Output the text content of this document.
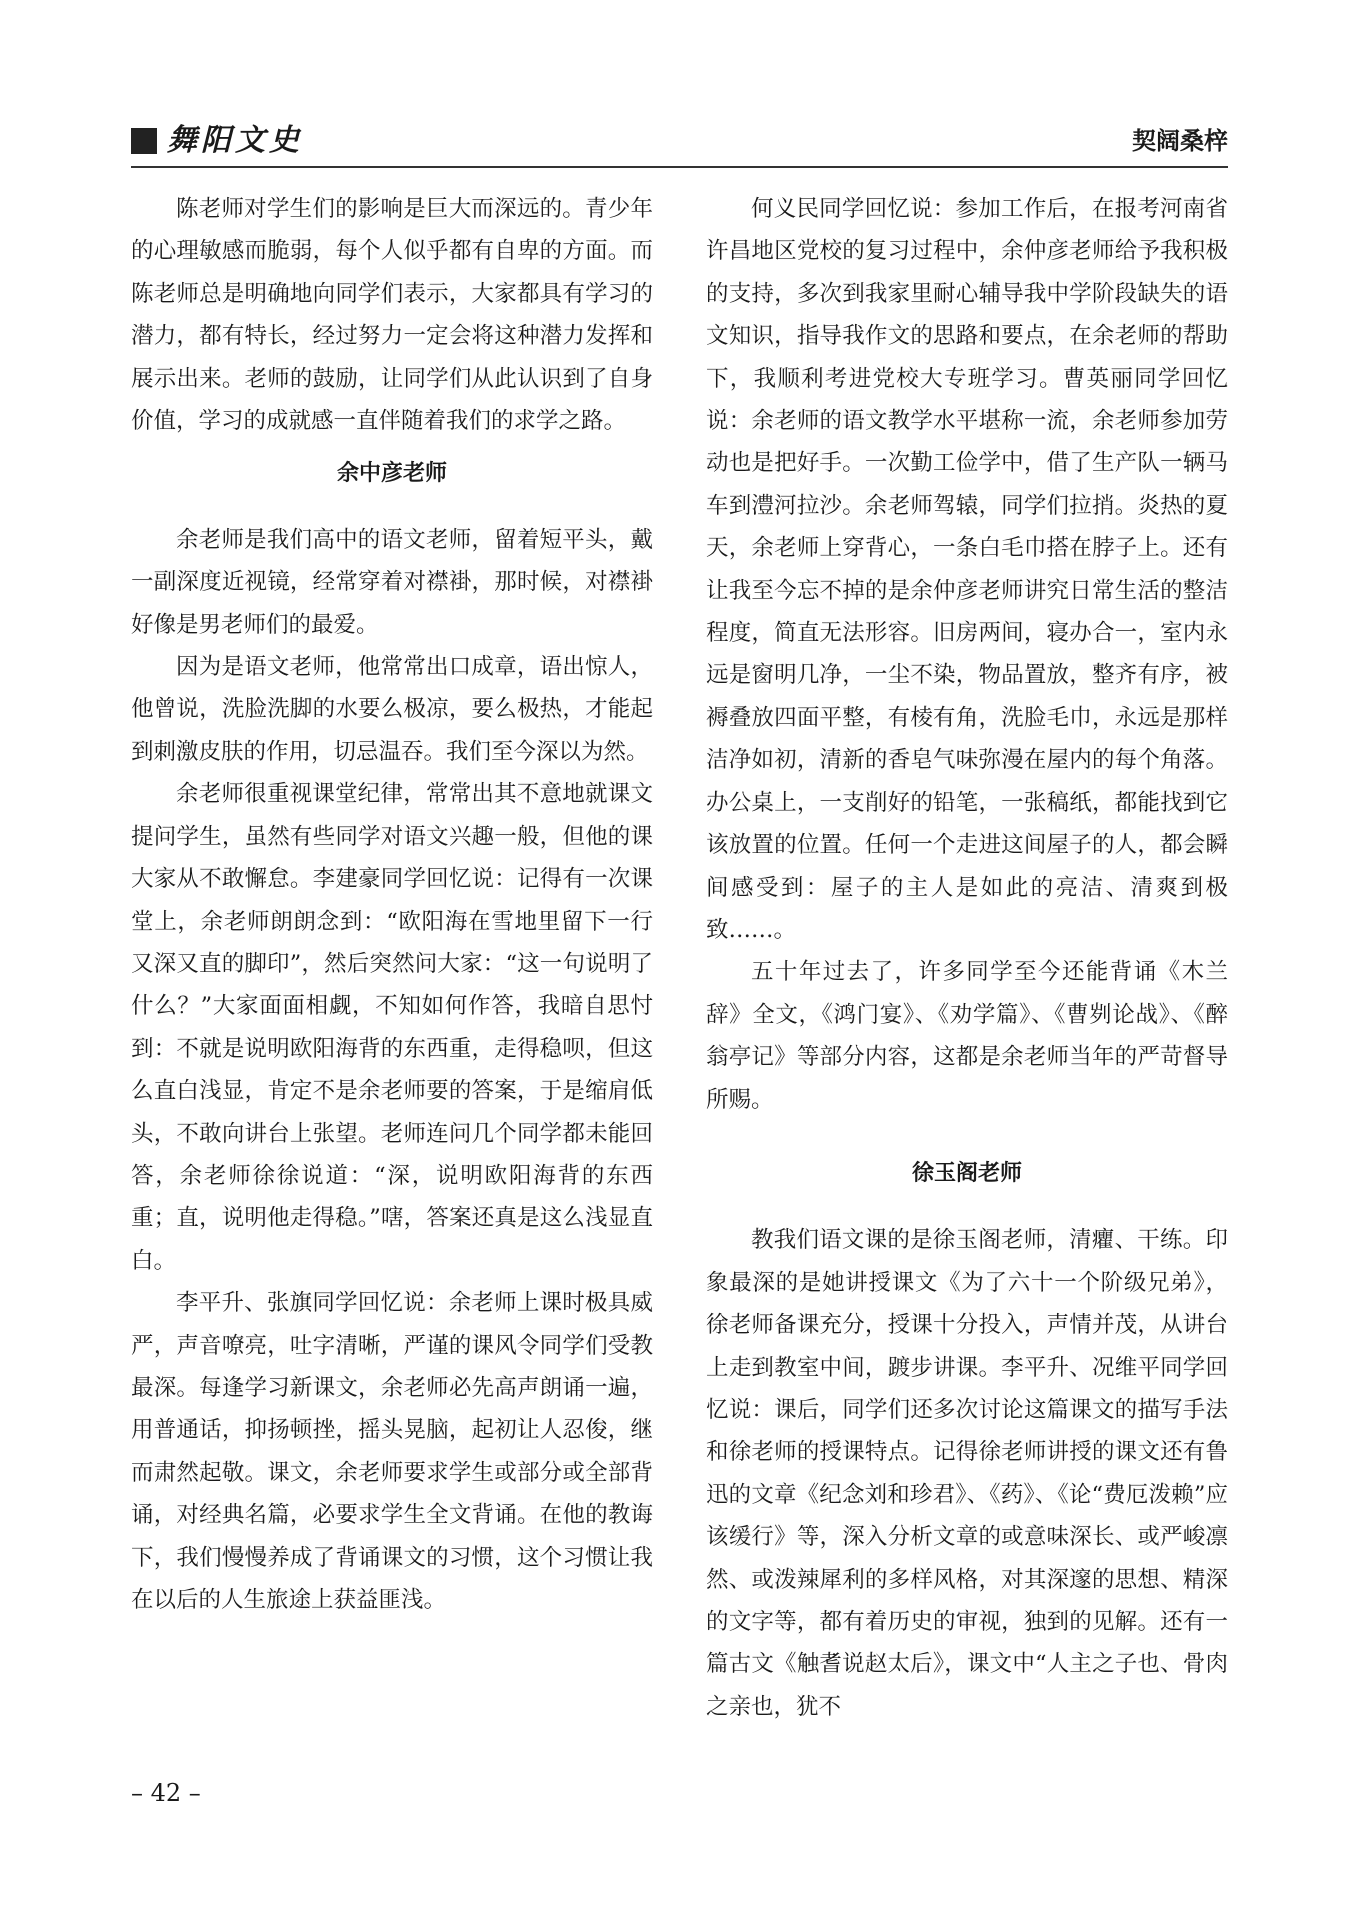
舞阳文史	契阔桑梓

陈老师对学生们的影响是巨大而深远的。青少年的心理敏感而脆弱，每个人似乎都有自卑的方面。而陈老师总是明确地向同学们表示，大家都具有学习的潜力，都有特长，经过努力一定会将这种潜力发挥和展示出来。老师的鼓励，让同学们从此认识到了自身价值，学习的成就感一直伴随着我们的求学之路。

余中彦老师

余老师是我们高中的语文老师，留着短平头，戴一副深度近视镜，经常穿着对襟褂，那时候，对襟褂好像是男老师们的最爱。

因为是语文老师，他常常出口成章，语出惊人，他曾说，洗脸洗脚的水要么极凉，要么极热，才能起到刺激皮肤的作用，切忌温吞。我们至今深以为然。

余老师很重视课堂纪律，常常出其不意地就课文提问学生，虽然有些同学对语文兴趣一般，但他的课大家从不敢懈怠。李建豪同学回忆说：记得有一次课堂上，余老师朗朗念到：“欧阳海在雪地里留下一行又深又直的脚印”，然后突然问大家：“这一句说明了什么？”大家面面相觑，不知如何作答，我暗自思忖到：不就是说明欧阳海背的东西重，走得稳呗，但这么直白浅显，肯定不是余老师要的答案，于是缩肩低头，不敢向讲台上张望。老师连问几个同学都未能回答，余老师徐徐说道：“深，说明欧阳海背的东西重；直，说明他走得稳。”嗐，答案还真是这么浅显直白。

李平升、张旗同学回忆说：余老师上课时极具威严，声音嘹亮，吐字清晰，严谨的课风令同学们受教最深。每逢学习新课文，余老师必先高声朗诵一遍，用普通话，抑扬顿挫，摇头晃脑，起初让人忍俊，继而肃然起敬。课文，余老师要求学生或部分或全部背诵，对经典名篇，必要求学生全文背诵。在他的教诲下，我们慢慢养成了背诵课文的习惯，这个习惯让我在以后的人生旅途上获益匪浅。

何义民同学回忆说：参加工作后，在报考河南省许昌地区党校的复习过程中，余仲彦老师给予我积极的支持，多次到我家里耐心辅导我中学阶段缺失的语文知识，指导我作文的思路和要点，在余老师的帮助下，我顺利考进党校大专班学习。曹英丽同学回忆说：余老师的语文教学水平堪称一流，余老师参加劳动也是把好手。一次勤工俭学中，借了生产队一辆马车到澧河拉沙。余老师驾辕，同学们拉捎。炎热的夏天，余老师上穿背心，一条白毛巾搭在脖子上。还有让我至今忘不掉的是余仲彦老师讲究日常生活的整洁程度，简直无法形容。旧房两间，寝办合一，室内永远是窗明几净，一尘不染，物品置放，整齐有序，被褥叠放四面平整，有棱有角，洗脸毛巾，永远是那样洁净如初，清新的香皂气味弥漫在屋内的每个角落。办公桌上，一支削好的铅笔，一张稿纸，都能找到它该放置的位置。任何一个走进这间屋子的人，都会瞬间感受到：屋子的主人是如此的亮洁、清爽到极致……。

五十年过去了，许多同学至今还能背诵《木兰辞》全文，《鸿门宴》、《劝学篇》、《曹刿论战》、《醉翁亭记》等部分内容，这都是余老师当年的严苛督导所赐。

徐玉阁老师

教我们语文课的是徐玉阁老师，清癯、干练。印象最深的是她讲授课文《为了六十一个阶级兄弟》，徐老师备课充分，授课十分投入，声情并茂，从讲台上走到教室中间，踱步讲课。李平升、况维平同学回忆说：课后，同学们还多次讨论这篇课文的描写手法和徐老师的授课特点。记得徐老师讲授的课文还有鲁迅的文章《纪念刘和珍君》、《药》、《论“费厄泼赖”应该缓行》等，深入分析文章的或意味深长、或严峻凛然、或泼辣犀利的多样风格，对其深邃的思想、精深的文字等，都有着历史的审视，独到的见解。还有一篇古文《触耆说赵太后》，课文中“人主之子也、骨肉之亲也，犹不

– 42 –
